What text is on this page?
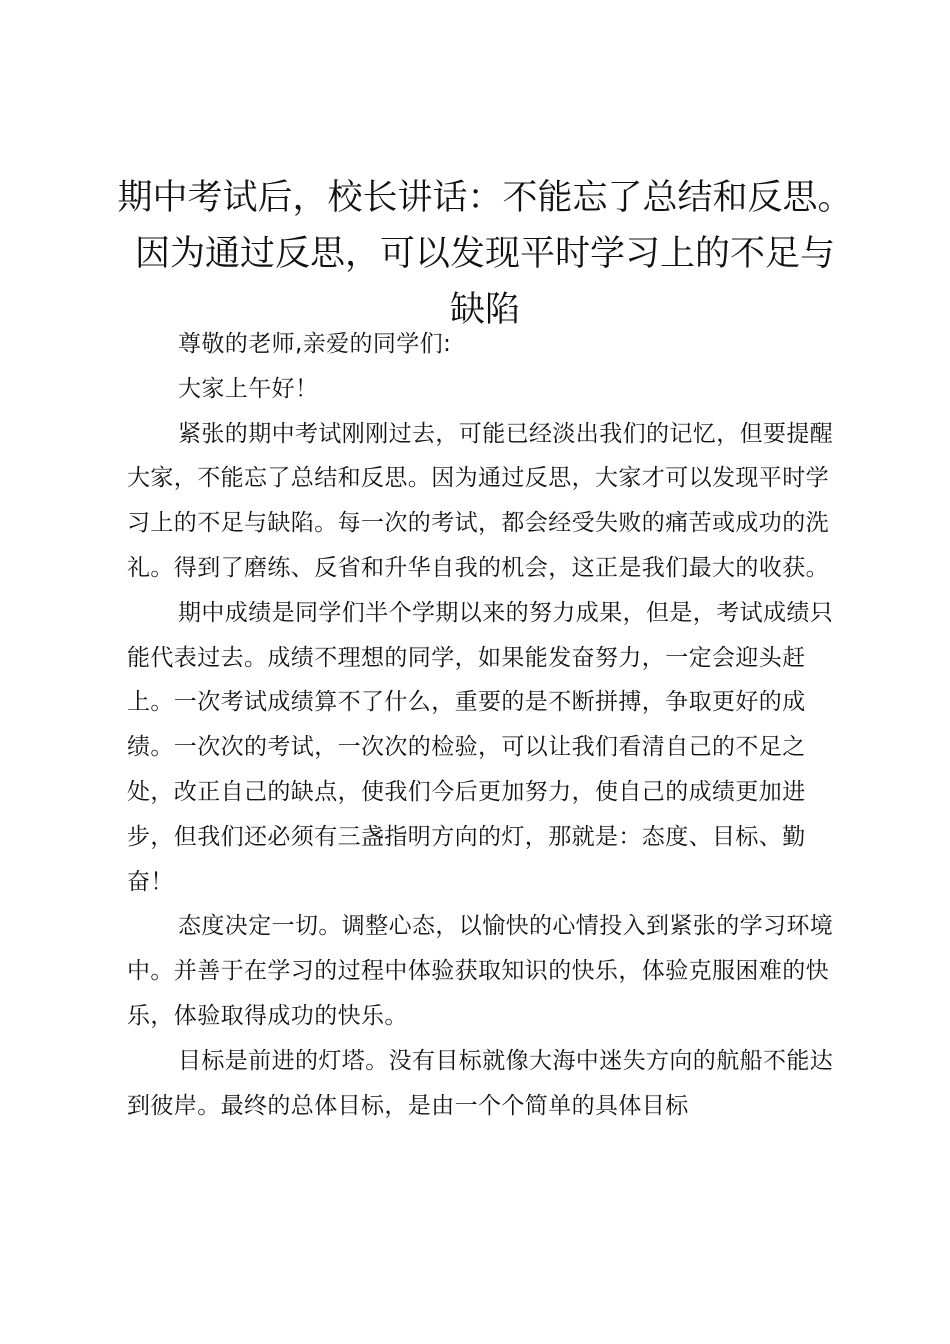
期中考试后，校长讲话：不能忘了总结和反思。
因为通过反思，可以发现平时学习上的不足与
缺陷

尊敬的老师,亲爱的同学们:

大家上午好！

紧张的期中考试刚刚过去，可能已经淡出我们的记忆，但要提醒大家，不能忘了总结和反思。因为通过反思，大家才可以发现平时学习上的不足与缺陷。每一次的考试，都会经受失败的痛苦或成功的洗礼。得到了磨练、反省和升华自我的机会，这正是我们最大的收获。

期中成绩是同学们半个学期以来的努力成果，但是，考试成绩只能代表过去。成绩不理想的同学，如果能发奋努力，一定会迎头赶上。一次考试成绩算不了什么，重要的是不断拼搏，争取更好的成绩。一次次的考试，一次次的检验，可以让我们看清自己的不足之处，改正自己的缺点，使我们今后更加努力，使自己的成绩更加进步，但我们还必须有三盏指明方向的灯，那就是：态度、目标、勤奋！

态度决定一切。调整心态，以愉快的心情投入到紧张的学习环境中。并善于在学习的过程中体验获取知识的快乐，体验克服困难的快乐，体验取得成功的快乐。

目标是前进的灯塔。没有目标就像大海中迷失方向的航船不能达到彼岸。最终的总体目标，是由一个个简单的具体目标
